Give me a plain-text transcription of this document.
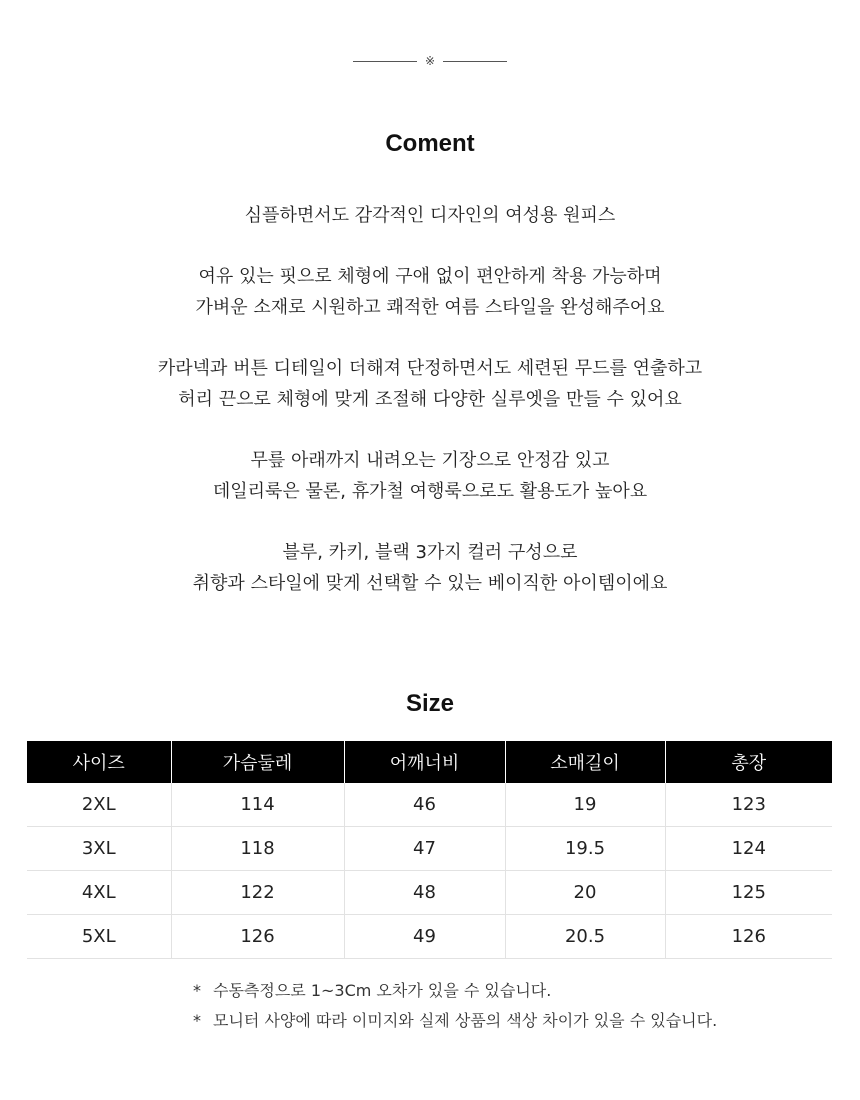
※
Coment

심플하면서도 감각적인 디자인의 여성용 원피스

여유 있는 핏으로 체형에 구애 없이 편안하게 착용 가능하며
가벼운 소재로 시원하고 쾌적한 여름 스타일을 완성해주어요

카라넥과 버튼 디테일이 더해져 단정하면서도 세련된 무드를 연출하고
허리 끈으로 체형에 맞게 조절해 다양한 실루엣을 만들 수 있어요

무릎 아래까지 내려오는 기장으로 안정감 있고
데일리룩은 물론, 휴가철 여행룩으로도 활용도가 높아요

블루, 카키, 블랙 3가지 컬러 구성으로
취향과 스타일에 맞게 선택할 수 있는 베이직한 아이템이에요

Size
사이즈	가슴둘레	어깨너비	소매길이	총장
2XL	114	46	19	123
3XL	118	47	19.5	124
4XL	122	48	20	125
5XL	126	49	20.5	126
* 수동측정으로 1~3Cm 오차가 있을 수 있습니다.
* 모니터 사양에 따라 이미지와 실제 상품의 색상 차이가 있을 수 있습니다.
